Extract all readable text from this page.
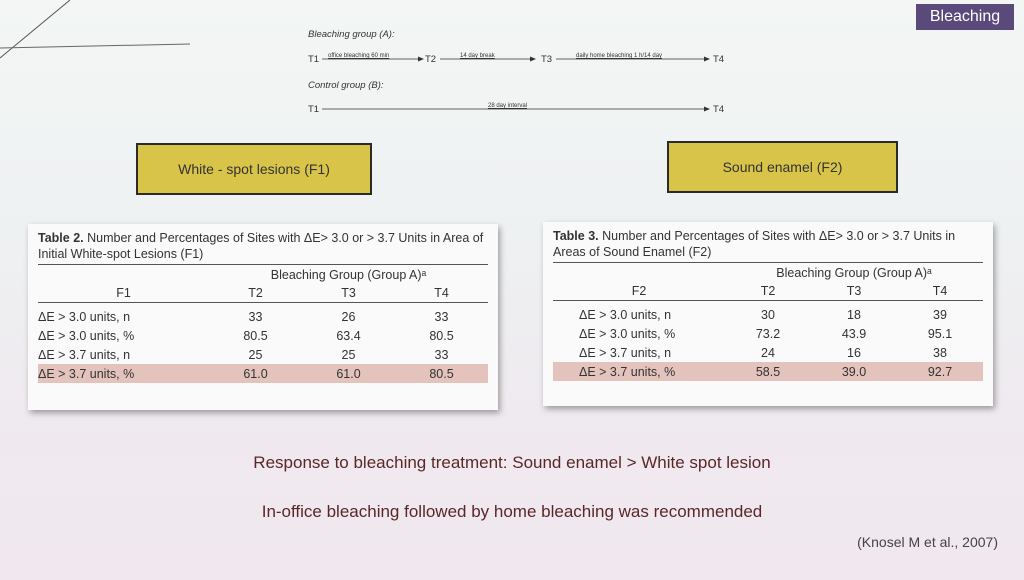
Bleaching
Bleaching group (A):
T1 office bleaching 60 min	T2	14 day break	T3	daily home bleaching 1 h/14 day	T4
Control group (B):
T1	28 day interval	T4
White - spot lesions (F1)	Sound enamel (F2)
Table 2. Number and Percentages of Sites with ΔE> 3.0 or > 3.7 Units in Area of Initial White-spot Lesions (F1)
	Bleaching Group (Group A)ᵃ		
F1	T2	T3	T4
ΔE > 3.0 units, n	33	26	33
ΔE > 3.0 units, %	80.5	63.4	80.5
ΔE > 3.7 units, n	25	25	33
ΔE > 3.7 units, %	61.0	61.0	80.5
Table 3. Number and Percentages of Sites with ΔE> 3.0 or > 3.7 Units in Areas of Sound Enamel (F2)
	Bleaching Group (Group A)ᵃ		
F2	T2	T3	T4
ΔE > 3.0 units, n	30	18	39
ΔE > 3.0 units, %	73.2	43.9	95.1
ΔE > 3.7 units, n	24	16	38
ΔE > 3.7 units, %	58.5	39.0	92.7
Response to bleaching treatment: Sound enamel > White spot lesion
In-office bleaching followed by home bleaching was recommended
(Knosel M et al., 2007)
